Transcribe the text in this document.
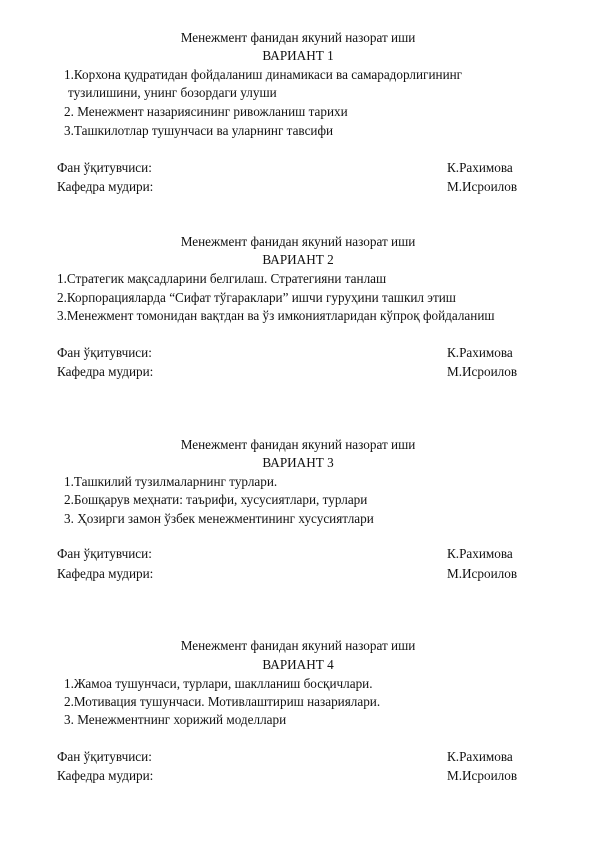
Менежмент фанидан якуний назорат иши
ВАРИАНТ 1
1.Корхона қудратидан фойдаланиш динамикаси ва самарадорлигининг
тузилишини, унинг бозордаги улуши
2. Менежмент назариясининг ривожланиш тарихи
3.Ташкилотлар тушунчаси ва уларнинг тавсифи
Фан ўқитувчиси:	К.Рахимова
Кафедра мудири:	М.Исроилов
Менежмент фанидан якуний назорат иши
ВАРИАНТ 2
1.Стратегик мақсадларини белгилаш. Стратегияни танлаш
2.Корпорацияларда “Сифат тўгараклари” ишчи гуруҳини ташкил этиш
3.Менежмент томонидан вақтдан ва ўз имкониятларидан кўпроқ фойдаланиш
Фан ўқитувчиси:	К.Рахимова
Кафедра мудири:	М.Исроилов
Менежмент фанидан якуний назорат иши
ВАРИАНТ 3
1.Ташкилий тузилмаларнинг турлари.
2.Бошқарув меҳнати: таърифи, хусусиятлари, турлари
3. Ҳозирги замон ўзбек менежментининг хусусиятлари
Фан ўқитувчиси:	К.Рахимова
Кафедра мудири:	М.Исроилов
Менежмент фанидан якуний назорат иши
ВАРИАНТ 4
1.Жамоа тушунчаси, турлари, шаклланиш босқичлари.
2.Мотивация тушунчаси. Мотивлаштириш назариялари.
3. Менежментнинг хорижий моделлари
Фан ўқитувчиси:	К.Рахимова
Кафедра мудири:	М.Исроилов
